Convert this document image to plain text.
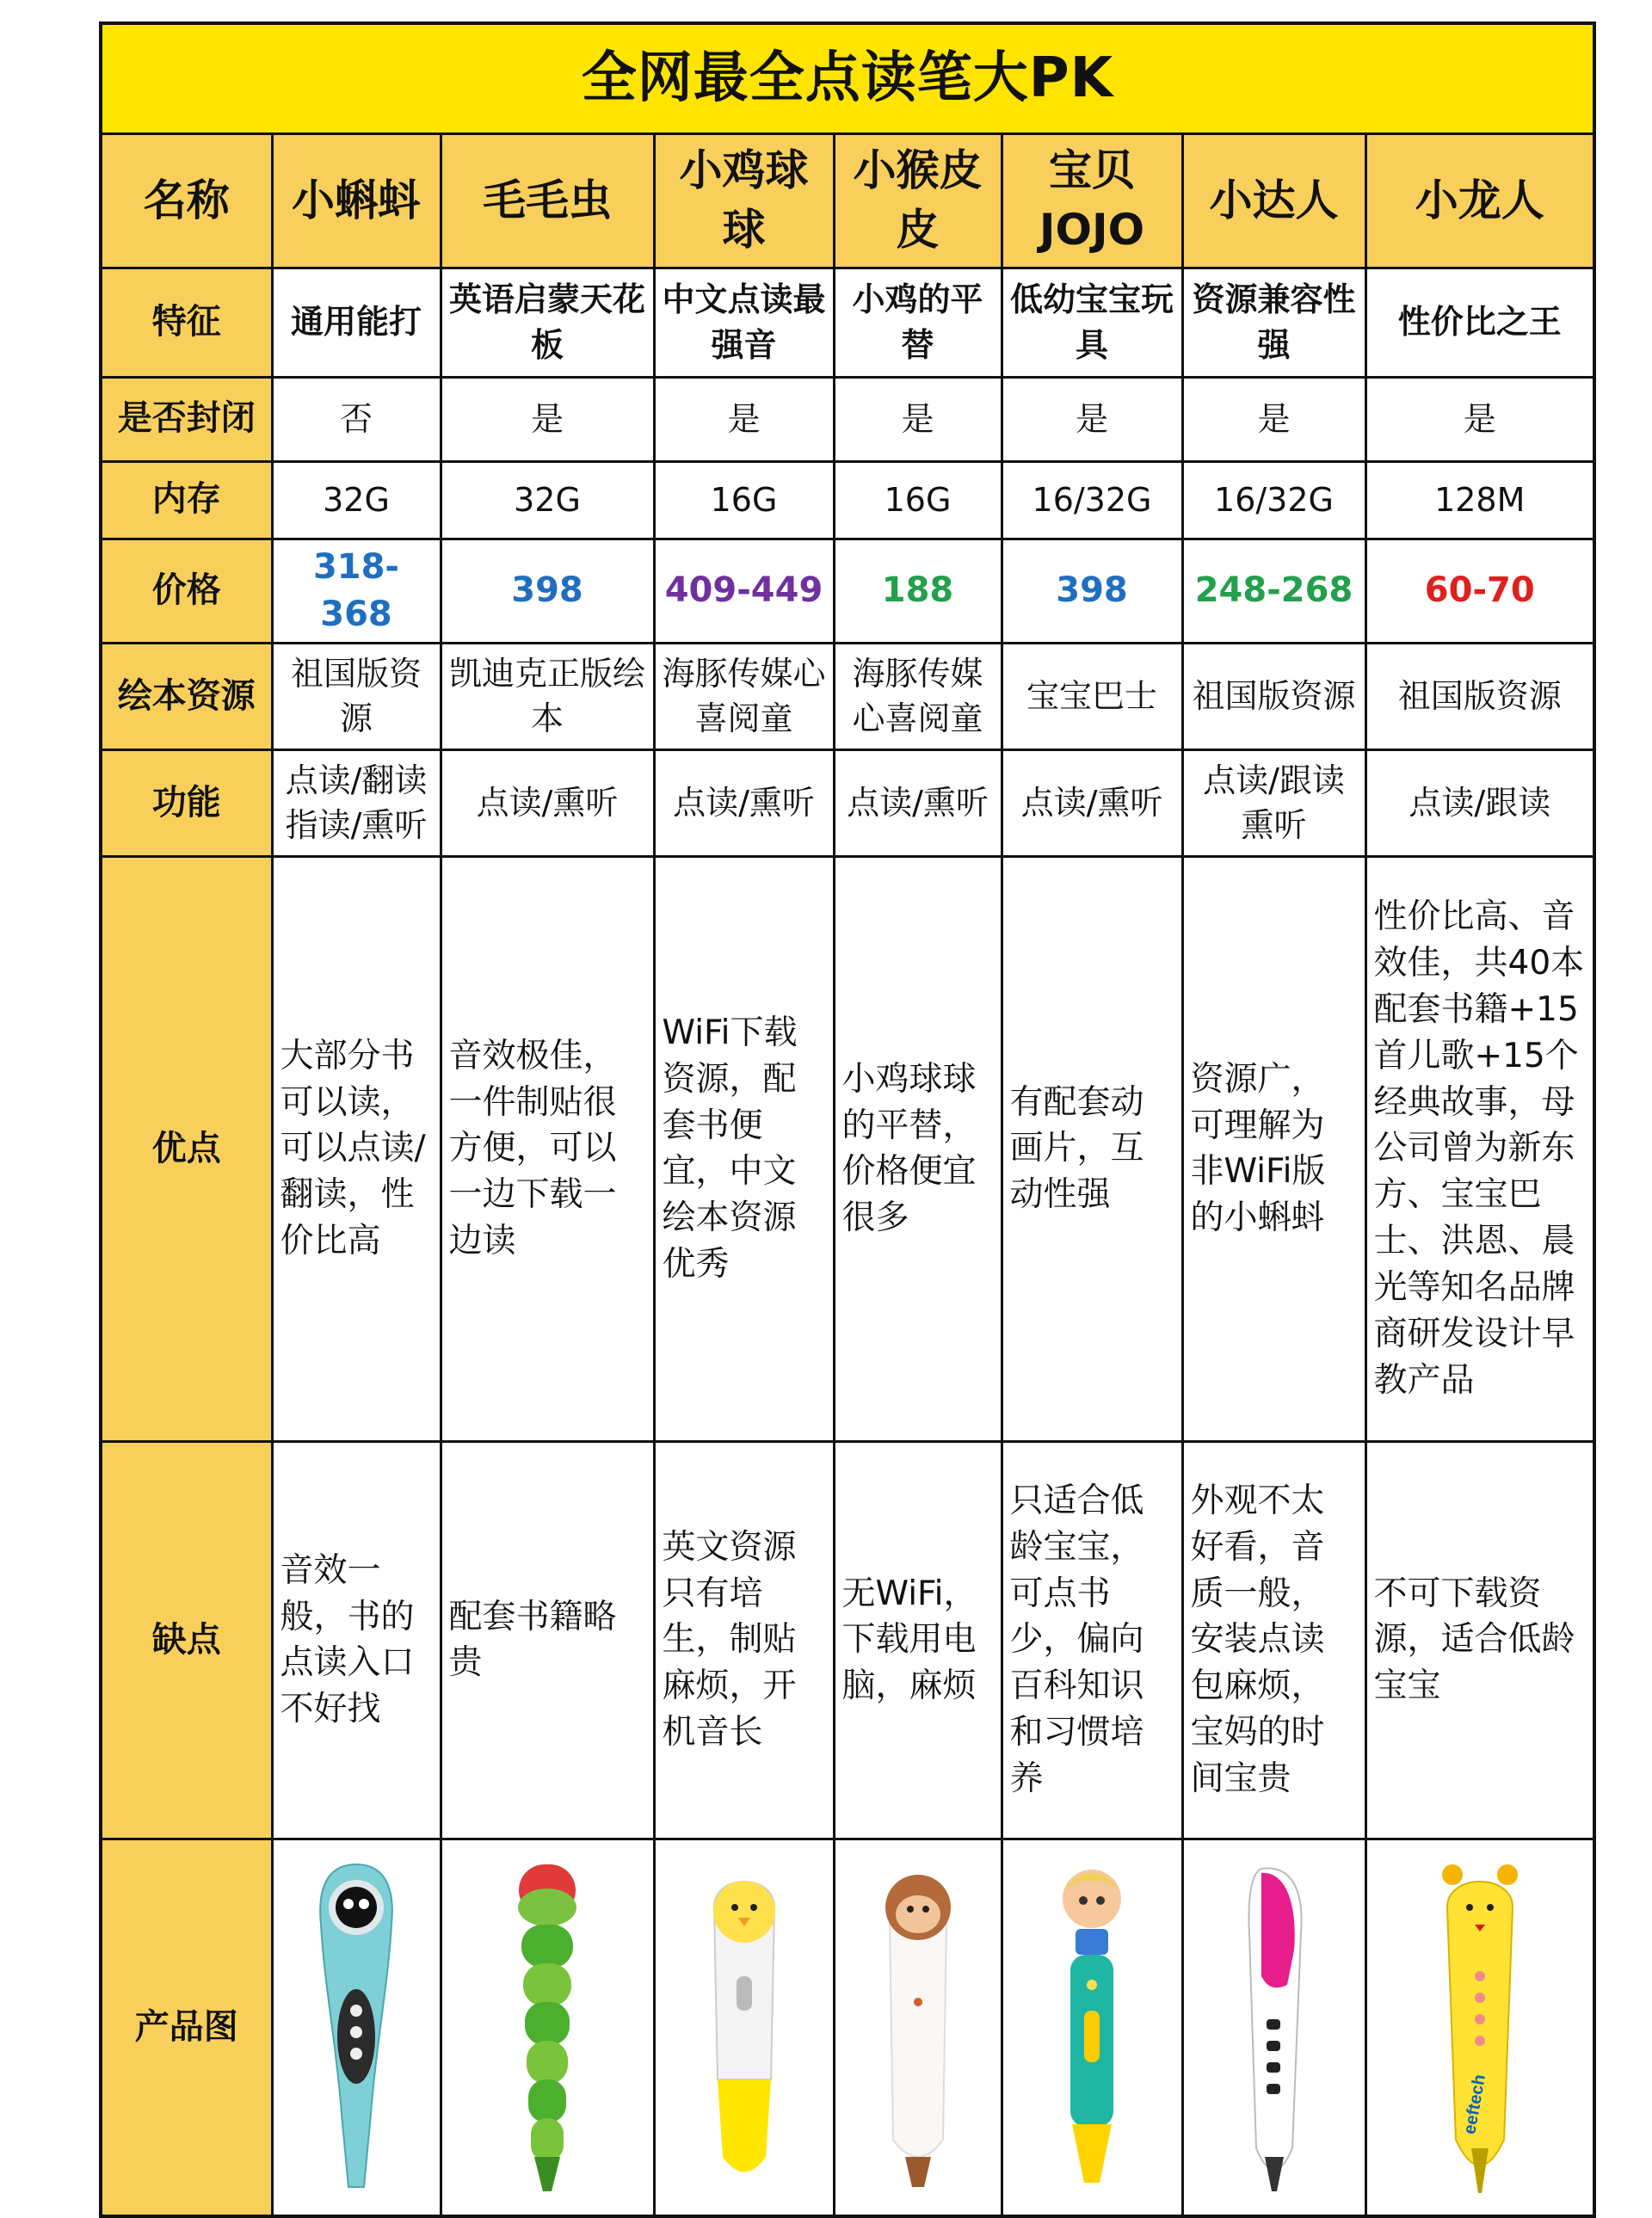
全网最全点读笔大PK							
名称	小蝌蚪	毛毛虫	小鸡球球	小猴皮皮	宝贝JOJO	小达人	小龙人
特征	通用能打	英语启蒙天花板	中文点读最强音	小鸡的平替	低幼宝宝玩具	资源兼容性强	性价比之王
是否封闭	否	是	是	是	是	是	是
内存	32G	32G	16G	16G	16/32G	16/32G	128M
价格	318-368	398	409-449	188	398	248-268	60-70
绘本资源	祖国版资源	凯迪克正版绘本	海豚传媒心喜阅童	海豚传媒心喜阅童	宝宝巴士	祖国版资源	祖国版资源
功能	点读/翻读指读/熏听	点读/熏听	点读/熏听	点读/熏听	点读/熏听	点读/跟读熏听	点读/跟读
优点	大部分书可以读，可以点读/翻读，性价比高	音效极佳，一件制贴很方便，可以一边下载一边读	WiFi下载资源，配套书便宜，中文绘本资源优秀	小鸡球球的平替，价格便宜很多	有配套动画片，互动性强	资源广，可理解为非WiFi版的小蝌蚪	性价比高、音效佳，共40本配套书籍+15首儿歌+15个经典故事，母公司曾为新东方、宝宝巴士、洪恩、晨光等知名品牌商研发设计早教产品
缺点	音效一般，书的点读入口不好找	配套书籍略贵	英文资源只有培生，制贴麻烦，开机音长	无WiFi，下载用电脑，麻烦	只适合低龄宝宝，可点书少，偏向百科知识和习惯培养	外观不太好看，音质一般，安装点读包麻烦，宝妈的时间宝贵	不可下载资源，适合低龄宝宝
产品图							eeftech
